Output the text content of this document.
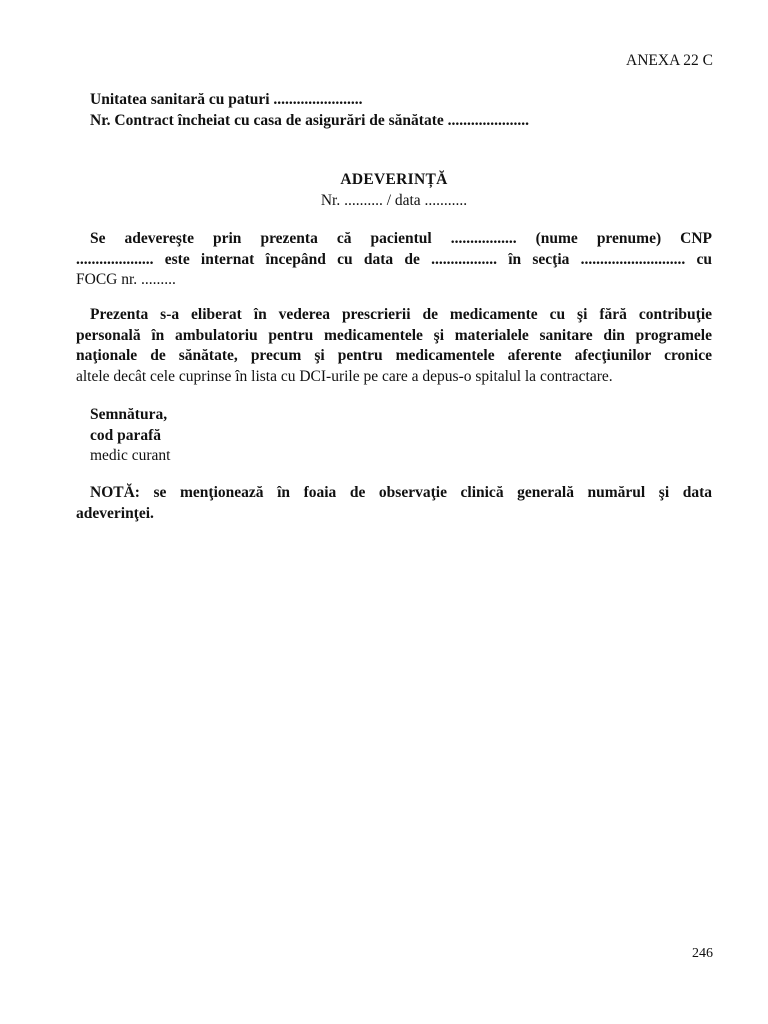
ANEXA 22 C

Unitatea sanitară cu paturi .......................

Nr. Contract încheiat cu casa de asigurări de sănătate .....................

ADEVERINȚĂ

Nr. .......... / data ...........

Se adevereşte prin prezenta că pacientul ................. (nume prenume) CNP

.................... este internat începând cu data de ................. în secţia ........................... cu

FOCG nr. .........

Prezenta s-a eliberat în vederea prescrierii de medicamente cu şi fără contribuţie

personală în ambulatoriu pentru medicamentele şi materialele sanitare din programele

naţionale de sănătate, precum şi pentru medicamentele aferente afecţiunilor cronice

altele decât cele cuprinse în lista cu DCI-urile pe care a depus-o spitalul la contractare.

Semnătura,

cod parafă

medic curant

NOTĂ: se menţionează în foaia de observaţie clinică generală numărul şi data

adeverinţei.

246
